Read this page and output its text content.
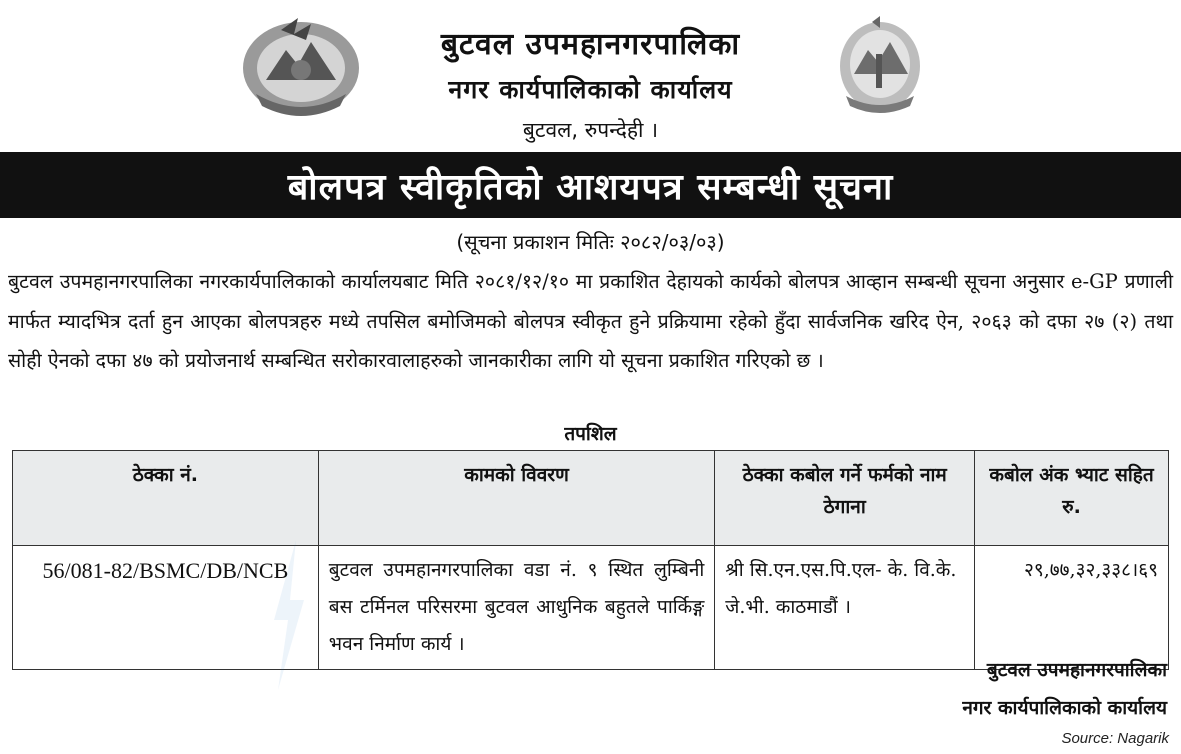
बुटवल उपमहानगरपालिका
नगर कार्यपालिकाको कार्यालय
बुटवल, रुपन्देही ।
बोलपत्र स्वीकृतिको आशयपत्र सम्बन्धी सूचना
(सूचना प्रकाशन मितिः २०८२/०३/०३)

बुटवल उपमहानगरपालिका नगरकार्यपालिकाको कार्यालयबाट मिति २०८१/१२/१० मा प्रकाशित देहायको कार्यको बोलपत्र आव्हान सम्बन्धी सूचना अनुसार e-GP प्रणाली मार्फत म्यादभित्र दर्ता हुन आएका बोलपत्रहरु मध्ये तपसिल बमोजिमको बोलपत्र स्वीकृत हुने प्रक्रियामा रहेको हुँदा सार्वजनिक खरिद ऐन, २०६३ को दफा २७ (२) तथा सोही ऐनको दफा ४७ को प्रयोजनार्थ सम्बन्धित सरोकारवालाहरुको जानकारीका लागि यो सूचना प्रकाशित गरिएको छ ।

तपशिल
ठेक्का नं.	कामको विवरण	ठेक्का कबोल गर्ने फर्मको नाम ठेगाना	कबोल अंक भ्याट सहित रु.
56/081-82/BSMC/DB/NCB	बुटवल उपमहानगरपालिका वडा नं. ९ स्थित लुम्बिनी बस टर्मिनल परिसरमा बुटवल आधुनिक बहुतले पार्किङ्ग भवन निर्माण कार्य ।	श्री सि.एन.एस.पि.एल- के. वि.के. जे.भी. काठमाडौं ।	२९,७७,३२,३३८।६९
बुटवल उपमहानगरपालिका
नगर कार्यपालिकाको कार्यालय
Source: Nagarik
